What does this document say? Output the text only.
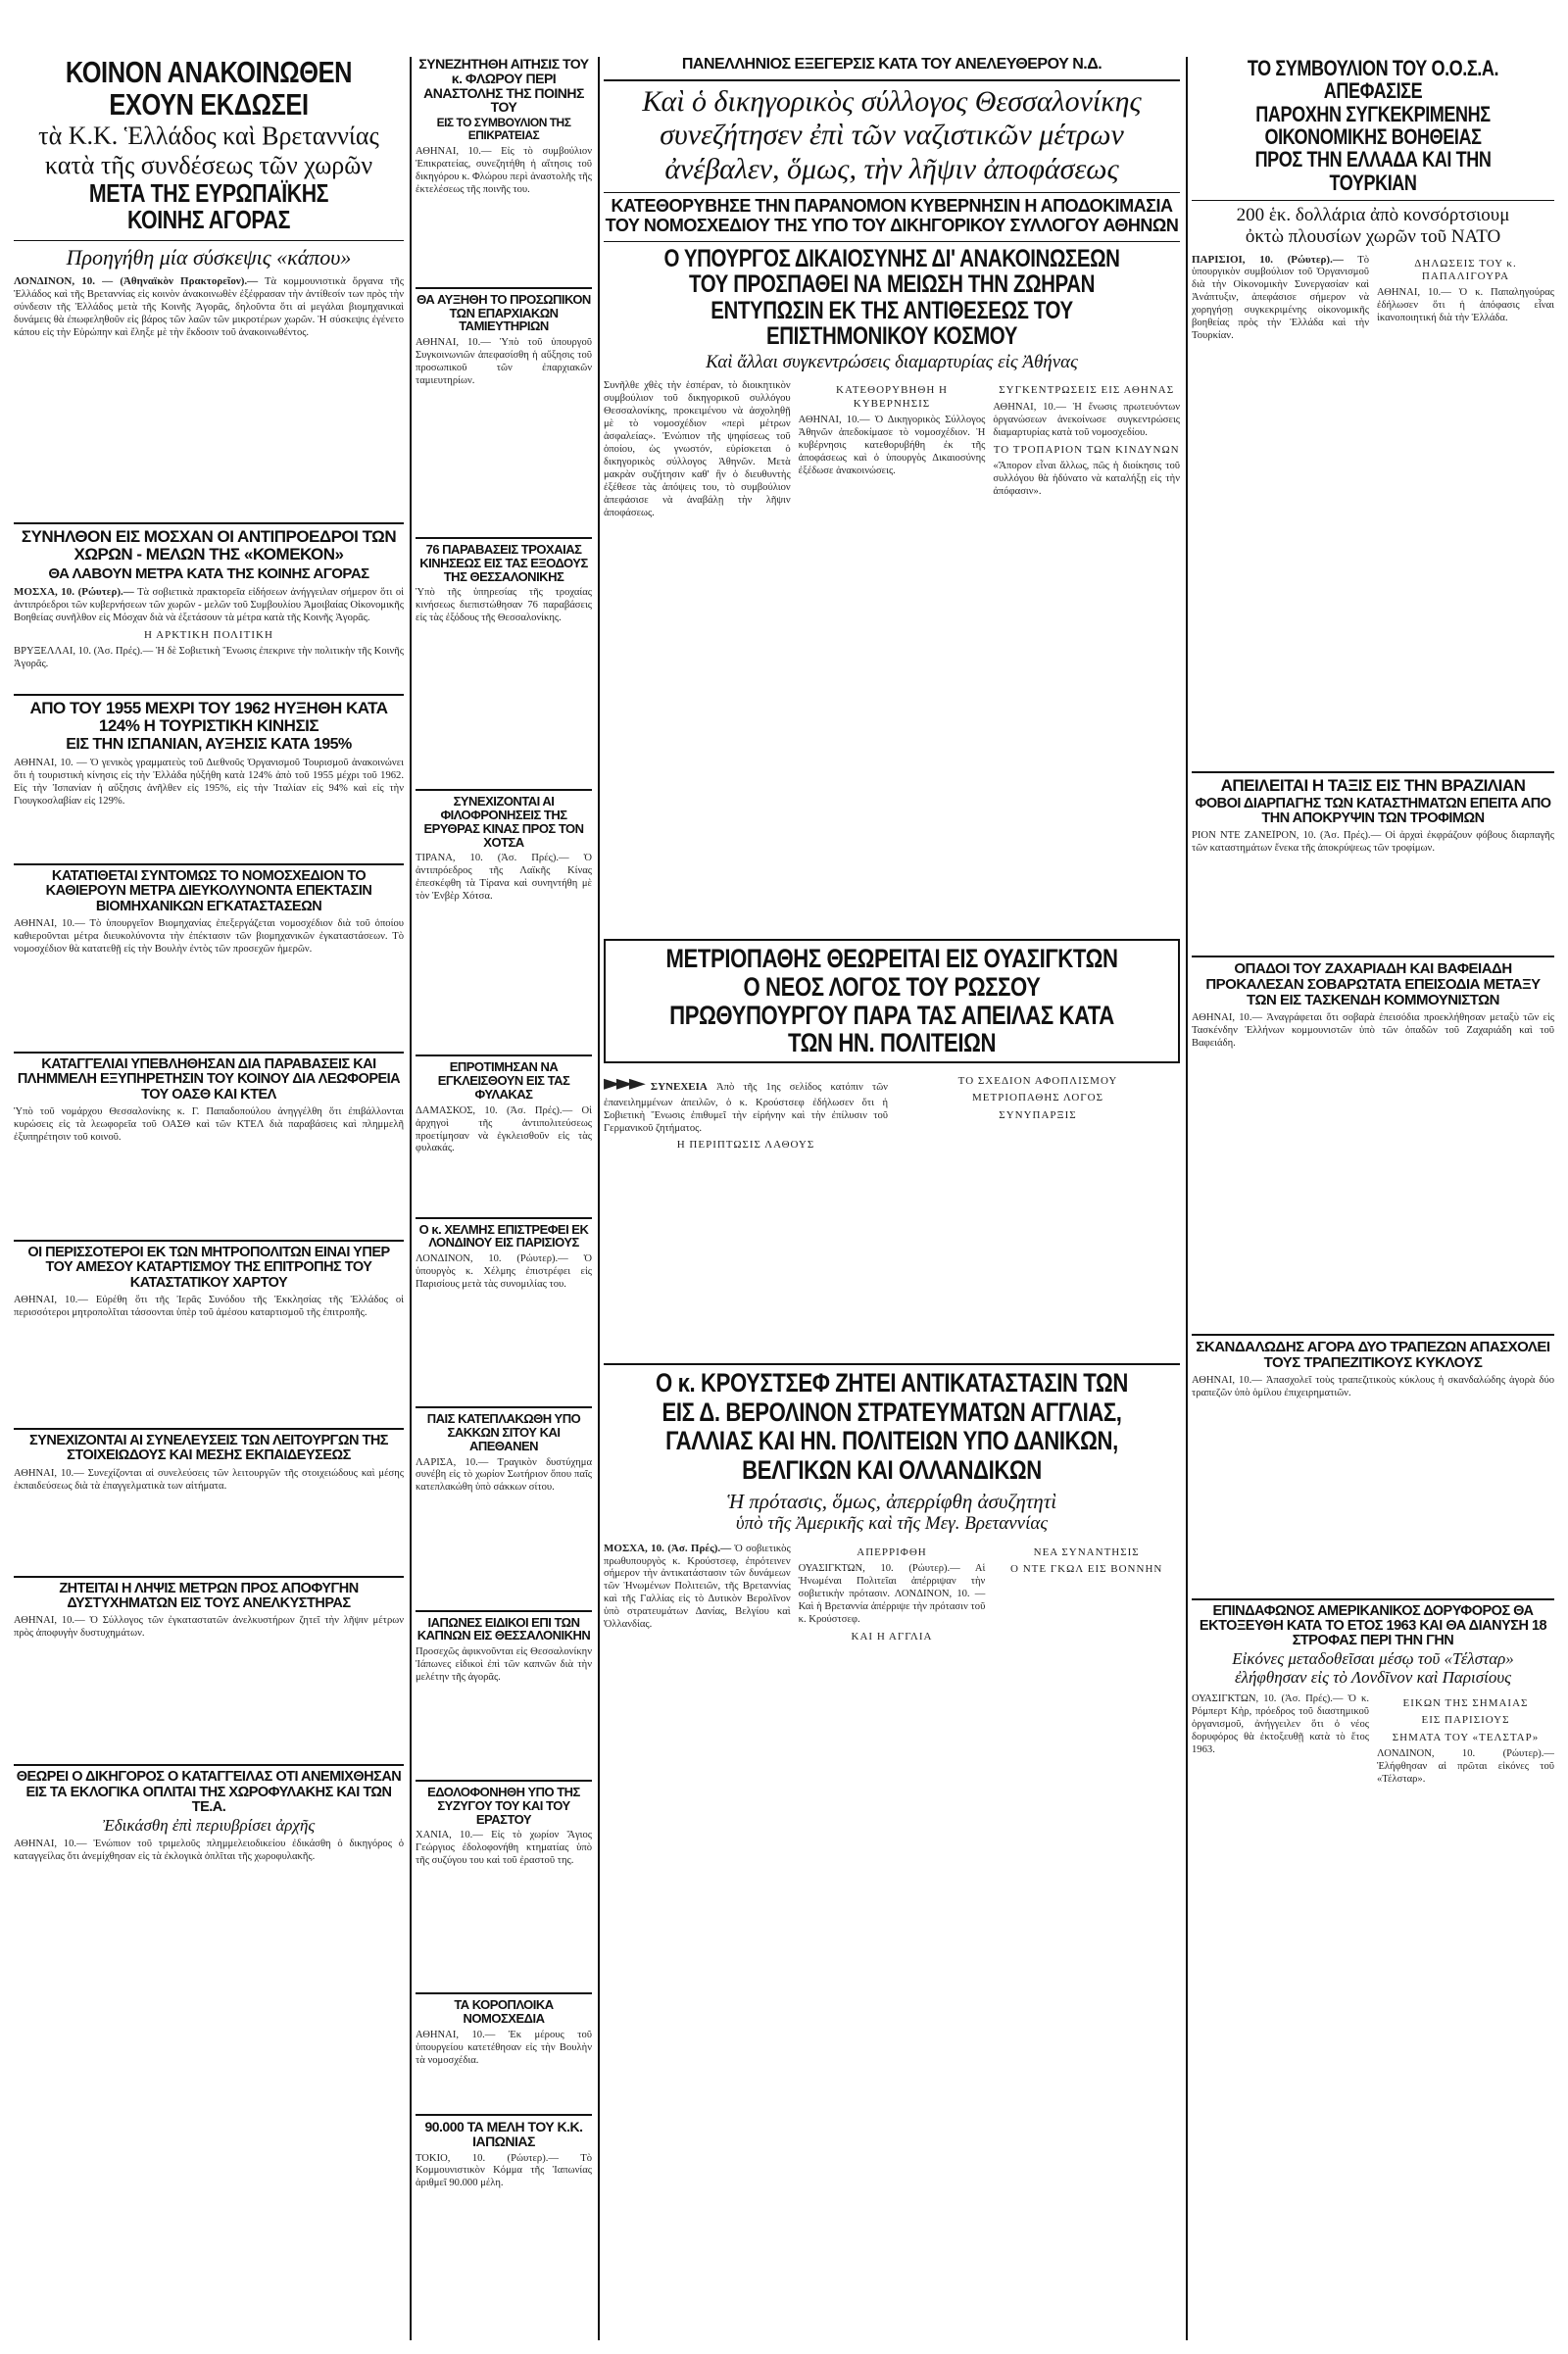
ΚΟΙΝΟΝ ΑΝΑΚΟΙΝΩΘΕΝ ΕΧΟΥΝ ΕΚΔΩΣΕΙ
τὰ Κ.Κ. Ἑλλάδος καὶ Βρεταννίας
κατὰ τῆς συνδέσεως τῶν χωρῶν
ΜΕΤΑ ΤΗΣ ΕΥΡΩΠΑΪΚΗΣ ΚΟΙΝΗΣ ΑΓΟΡΑΣ
Προηγήθη μία σύσκεψις «κάπου»
ΛΟΝΔΙΝΟΝ, 10. — (Ἀθηναϊκὸν Πρακτορεῖον).— Τὰ κομμουνιστικὰ ὄργανα τῆς Ἑλλάδος καὶ τῆς Βρεταννίας εἰς κοινὸν ἀνακοινωθὲν ἐξέφρασαν τὴν ἀντίθεσίν των πρὸς τὴν σύνδεσιν τῆς Ἑλλάδος μετὰ τῆς Κοινῆς Ἀγορᾶς, δηλοῦντα ὅτι αἱ μεγάλαι βιομηχανικαὶ δυνάμεις θὰ ἐπωφεληθοῦν εἰς βάρος τῶν λαῶν τῶν μικροτέρων χωρῶν. Ἡ σύσκεψις ἐγένετο κάπου εἰς τὴν Εὐρώπην καὶ ἔληξε μὲ τὴν ἔκδοσιν τοῦ ἀνακοινωθέντος.
ΣΥΝΗΛΘΟΝ ΕΙΣ ΜΟΣΧΑΝ ΟΙ ΑΝΤΙΠΡΟΕΔΡΟΙ ΤΩΝ ΧΩΡΩΝ - ΜΕΛΩΝ ΤΗΣ «ΚΟΜΕΚΟΝ»
ΘΑ ΛΑΒΟΥΝ ΜΕΤΡΑ ΚΑΤΑ ΤΗΣ ΚΟΙΝΗΣ ΑΓΟΡΑΣ
ΜΟΣΧΑ, 10. (Ρώυτερ).— Τὰ σοβιετικὰ πρακτορεῖα εἰδήσεων ἀνήγγειλαν σήμερον ὅτι οἱ ἀντιπρόεδροι τῶν κυβερνήσεων τῶν χωρῶν - μελῶν τοῦ Συμβουλίου Ἀμοιβαίας Οἰκονομικῆς Βοηθείας συνῆλθον εἰς Μόσχαν διὰ νὰ ἐξετάσουν τὰ μέτρα κατὰ τῆς Κοινῆς Ἀγορᾶς.
Η ΑΡΚΤΙΚΗ ΠΟΛΙΤΙΚΗ
ΒΡΥΞΕΛΛΑΙ, 10. (Ἀσ. Πρές).— Ἡ δὲ Σοβιετικὴ Ἕνωσις ἐπεκρινε τὴν πολιτικὴν τῆς Κοινῆς Ἀγορᾶς.
ΑΠΟ ΤΟΥ 1955 ΜΕΧΡΙ ΤΟΥ 1962 ΗΥΞΗΘΗ ΚΑΤΑ 124% Η ΤΟΥΡΙΣΤΙΚΗ ΚΙΝΗΣΙΣ
ΕΙΣ ΤΗΝ ΙΣΠΑΝΙΑΝ, ΑΥΞΗΣΙΣ ΚΑΤΑ 195%
ΑΘΗΝΑΙ, 10. — Ὁ γενικὸς γραμματεὺς τοῦ Διεθνοῦς Ὀργανισμοῦ Τουρισμοῦ ἀνακοινώνει ὅτι ἡ τουριστικὴ κίνησις εἰς τὴν Ἑλλάδα ηὐξήθη κατὰ 124% ἀπὸ τοῦ 1955 μέχρι τοῦ 1962. Εἰς τὴν Ἰσπανίαν ἡ αὔξησις ἀνῆλθεν εἰς 195%, εἰς τὴν Ἰταλίαν εἰς 94% καὶ εἰς τὴν Γιουγκοσλαβίαν εἰς 129%.
ΚΑΤΑΤΙΘΕΤΑΙ ΣΥΝΤΟΜΩΣ ΤΟ ΝΟΜΟΣΧΕΔΙΟΝ ΤΟ ΚΑΘΙΕΡΟΥΝ ΜΕΤΡΑ ΔΙΕΥΚΟΛΥΝΟΝΤΑ ΕΠΕΚΤΑΣΙΝ ΒΙΟΜΗΧΑΝΙΚΩΝ ΕΓΚΑΤΑΣΤΑΣΕΩΝ
ΑΘΗΝΑΙ, 10.— Τὸ ὑπουργεῖον Βιομηχανίας ἐπεξεργάζεται νομοσχέδιον διὰ τοῦ ὁποίου καθιεροῦνται μέτρα διευκολύνοντα τὴν ἐπέκτασιν τῶν βιομηχανικῶν ἐγκαταστάσεων. Τὸ νομοσχέδιον θὰ κατατεθῇ εἰς τὴν Βουλὴν ἐντὸς τῶν προσεχῶν ἡμερῶν.
ΚΑΤΑΓΓΕΛΙΑΙ ΥΠΕΒΛΗΘΗΣΑΝ ΔΙΑ ΠΑΡΑΒΑΣΕΙΣ ΚΑΙ ΠΛΗΜΜΕΛΗ ΕΞΥΠΗΡΕΤΗΣΙΝ ΤΟΥ ΚΟΙΝΟΥ ΔΙΑ ΛΕΩΦΟΡΕΙΑ ΤΟΥ ΟΑΣΘ ΚΑΙ ΚΤΕΛ
Ὑπὸ τοῦ νομάρχου Θεσσαλονίκης κ. Γ. Παπαδοπούλου ἀνηγγέλθη ὅτι ἐπιβάλλονται κυρώσεις εἰς τὰ λεωφορεῖα τοῦ ΟΑΣΘ καὶ τῶν ΚΤΕΛ διὰ παραβάσεις καὶ πλημμελῆ ἐξυπηρέτησιν τοῦ κοινοῦ.
ΟΙ ΠΕΡΙΣΣΟΤΕΡΟΙ ΕΚ ΤΩΝ ΜΗΤΡΟΠΟΛΙΤΩΝ ΕΙΝΑΙ ΥΠΕΡ ΤΟΥ ΑΜΕΣΟΥ ΚΑΤΑΡΤΙΣΜΟΥ ΤΗΣ ΕΠΙΤΡΟΠΗΣ ΤΟΥ ΚΑΤΑΣΤΑΤΙΚΟΥ ΧΑΡΤΟΥ
ΑΘΗΝΑΙ, 10.— Εὐρέθη ὅτι τῆς Ἱερᾶς Συνόδου τῆς Ἐκκλησίας τῆς Ἑλλάδος οἱ περισσότεροι μητροπολῖται τάσσονται ὑπὲρ τοῦ ἀμέσου καταρτισμοῦ τῆς ἐπιτροπῆς.
ΣΥΝΕΧΙΖΟΝΤΑΙ ΑΙ ΣΥΝΕΛΕΥΣΕΙΣ ΤΩΝ ΛΕΙΤΟΥΡΓΩΝ ΤΗΣ ΣΤΟΙΧΕΙΩΔΟΥΣ ΚΑΙ ΜΕΣΗΣ ΕΚΠΑΙΔΕΥΣΕΩΣ
ΑΘΗΝΑΙ, 10.— Συνεχίζονται αἱ συνελεύσεις τῶν λειτουργῶν τῆς στοιχειώδους καὶ μέσης ἐκπαιδεύσεως διὰ τὰ ἐπαγγελματικὰ των αἰτήματα.
ΖΗΤΕΙΤΑΙ Η ΛΗΨΙΣ ΜΕΤΡΩΝ ΠΡΟΣ ΑΠΟΦΥΓΗΝ ΔΥΣΤΥΧΗΜΑΤΩΝ ΕΙΣ ΤΟΥΣ ΑΝΕΛΚΥΣΤΗΡΑΣ
ΑΘΗΝΑΙ, 10.— Ὁ Σύλλογος τῶν ἐγκαταστατῶν ἀνελκυστήρων ζητεῖ τὴν λῆψιν μέτρων πρὸς ἀποφυγὴν δυστυχημάτων.
ΘΕΩΡΕΙ Ο ΔΙΚΗΓΟΡΟΣ Ο ΚΑΤΑΓΓΕΙΛΑΣ ΟΤΙ ΑΝΕΜΙΧΘΗΣΑΝ ΕΙΣ ΤΑ ΕΚΛΟΓΙΚΑ ΟΠΛΙΤΑΙ ΤΗΣ ΧΩΡΟΦΥΛΑΚΗΣ ΚΑΙ ΤΩΝ ΤΕ.Α.
Ἐδικάσθη ἐπὶ περιυβρίσει ἀρχῆς
ΑΘΗΝΑΙ, 10.— Ἐνώπιον τοῦ τριμελοῦς πλημμελειοδικείου ἐδικάσθη ὁ δικηγόρος ὁ καταγγείλας ὅτι ἀνεμίχθησαν εἰς τὰ ἐκλογικὰ ὁπλῖται τῆς χωροφυλακῆς.
ΣΥΝΕΖΗΤΗΘΗ ΑΙΤΗΣΙΣ ΤΟΥ κ. ΦΛΩΡΟΥ ΠΕΡΙ ΑΝΑΣΤΟΛΗΣ ΤΗΣ ΠΟΙΝΗΣ ΤΟΥ
ΕΙΣ ΤΟ ΣΥΜΒΟΥΛΙΟΝ ΤΗΣ ΕΠΙΚΡΑΤΕΙΑΣ
ΑΘΗΝΑΙ, 10.— Εἰς τὸ συμβούλιον Ἐπικρατείας, συνεζητήθη ἡ αἴτησις τοῦ δικηγόρου κ. Φλώρου περὶ ἀναστολῆς τῆς ἐκτελέσεως τῆς ποινῆς του.
ΘΑ ΑΥΞΗΘΗ ΤΟ ΠΡΟΣΩΠΙΚΟΝ ΤΩΝ ΕΠΑΡΧΙΑΚΩΝ ΤΑΜΙΕΥΤΗΡΙΩΝ
ΑΘΗΝΑΙ, 10.— Ὑπὸ τοῦ ὑπουργοῦ Συγκοινωνιῶν ἀπεφασίσθη ἡ αὔξησις τοῦ προσωπικοῦ τῶν ἐπαρχιακῶν ταμιευτηρίων.
76 ΠΑΡΑΒΑΣΕΙΣ ΤΡΟΧΑΙΑΣ ΚΙΝΗΣΕΩΣ ΕΙΣ ΤΑΣ ΕΞΟΔΟΥΣ ΤΗΣ ΘΕΣΣΑΛΟΝΙΚΗΣ
Ὑπὸ τῆς ὑπηρεσίας τῆς τροχαίας κινήσεως διεπιστώθησαν 76 παραβάσεις εἰς τὰς ἐξόδους τῆς Θεσσαλονίκης.
ΣΥΝΕΧΙΖΟΝΤΑΙ ΑΙ ΦΙΛΟΦΡΟΝΗΣΕΙΣ ΤΗΣ ΕΡΥΘΡΑΣ ΚΙΝΑΣ ΠΡΟΣ ΤΟΝ ΧΟΤΣΑ
ΤΙΡΑΝΑ, 10. (Ἀσ. Πρές).— Ὁ ἀντιπρόεδρος τῆς Λαϊκῆς Κίνας ἐπεσκέφθη τὰ Τίρανα καὶ συνηντήθη μὲ τὸν Ἐνβὲρ Χότσα.
ΕΠΡΟΤΙΜΗΣΑΝ ΝΑ ΕΓΚΛΕΙΣΘΟΥΝ ΕΙΣ ΤΑΣ ΦΥΛΑΚΑΣ
ΔΑΜΑΣΚΟΣ, 10. (Ἀσ. Πρές).— Οἱ ἀρχηγοὶ τῆς ἀντιπολιτεύσεως προετίμησαν νὰ ἐγκλεισθοῦν εἰς τὰς φυλακάς.
Ο κ. ΧΕΛΜΗΣ ΕΠΙΣΤΡΕΦΕΙ ΕΚ ΛΟΝΔΙΝΟΥ ΕΙΣ ΠΑΡΙΣΙΟΥΣ
ΛΟΝΔΙΝΟΝ, 10. (Ρώυτερ).— Ὁ ὑπουργὸς κ. Χέλμης ἐπιστρέφει εἰς Παρισίους μετὰ τὰς συνομιλίας του.
ΠΑΙΣ ΚΑΤΕΠΛΑΚΩΘΗ ΥΠΟ ΣΑΚΚΩΝ ΣΙΤΟΥ ΚΑΙ ΑΠΕΘΑΝΕΝ
ΛΑΡΙΣΑ, 10.— Τραγικὸν δυστύχημα συνέβη εἰς τὸ χωρίον Σωτήριον ὅπου παῖς κατεπλακώθη ὑπὸ σάκκων σίτου.
ΙΑΠΩΝΕΣ ΕΙΔΙΚΟΙ ΕΠΙ ΤΩΝ ΚΑΠΝΩΝ ΕΙΣ ΘΕΣΣΑΛΟΝΙΚΗΝ
Προσεχῶς ἀφικνοῦνται εἰς Θεσσαλονίκην Ἰάπωνες εἰδικοὶ ἐπὶ τῶν καπνῶν διὰ τὴν μελέτην τῆς ἀγορᾶς.
ΕΔΟΛΟΦΟΝΗΘΗ ΥΠΟ ΤΗΣ ΣΥΖΥΓΟΥ ΤΟΥ ΚΑΙ ΤΟΥ ΕΡΑΣΤΟΥ
ΧΑΝΙΑ, 10.— Εἰς τὸ χωρίον Ἅγιος Γεώργιος ἐδολοφονήθη κτηματίας ὑπὸ τῆς συζύγου του καὶ τοῦ ἐραστοῦ της.
ΤΑ ΚΟΡΟΠΛΟΙΚΑ ΝΟΜΟΣΧΕΔΙΑ
ΑΘΗΝΑΙ, 10.— Ἐκ μέρους τοῦ ὑπουργείου κατετέθησαν εἰς τὴν Βουλὴν τὰ νομοσχέδια.
90.000 ΤΑ ΜΕΛΗ ΤΟΥ Κ.Κ. ΙΑΠΩΝΙΑΣ
ΤΟΚΙΟ, 10. (Ρώυτερ).— Τὸ Κομμουνιστικὸν Κόμμα τῆς Ἰαπωνίας ἀριθμεῖ 90.000 μέλη.
ΠΑΝΕΛΛΗΝΙΟΣ ΕΞΕΓΕΡΣΙΣ ΚΑΤΑ ΤΟΥ ΑΝΕΛΕΥΘΕΡΟΥ Ν.Δ.
Καὶ ὁ δικηγορικὸς σύλλογος Θεσσαλονίκης
συνεζήτησεν ἐπὶ τῶν ναζιστικῶν μέτρων
ἀνέβαλεν, ὅμως, τὴν λῆψιν ἀποφάσεως
ΚΑΤΕΘΟΡΥΒΗΣΕ ΤΗΝ ΠΑΡΑΝΟΜΟΝ ΚΥΒΕΡΝΗΣΙΝ Η ΑΠΟΔΟΚΙΜΑΣΙΑ ΤΟΥ ΝΟΜΟΣΧΕΔΙΟΥ ΤΗΣ ΥΠΟ ΤΟΥ ΔΙΚΗΓΟΡΙΚΟΥ ΣΥΛΛΟΓΟΥ ΑΘΗΝΩΝ
Ο ΥΠΟΥΡΓΟΣ ΔΙΚΑΙΟΣΥΝΗΣ ΔΙ' ΑΝΑΚΟΙΝΩΣΕΩΝ ΤΟΥ ΠΡΟΣΠΑΘΕΙ ΝΑ ΜΕΙΩΣΗ ΤΗΝ ΖΩΗΡΑΝ ΕΝΤΥΠΩΣΙΝ ΕΚ ΤΗΣ ΑΝΤΙΘΕΣΕΩΣ ΤΟΥ ΕΠΙΣΤΗΜΟΝΙΚΟΥ ΚΟΣΜΟΥ
Καὶ ἄλλαι συγκεντρώσεις διαμαρτυρίας εἰς Ἀθήνας
Συνῆλθε χθὲς τὴν ἑσπέραν, τὸ διοικητικὸν συμβούλιον τοῦ δικηγορικοῦ συλλόγου Θεσσαλονίκης, προκειμένου νὰ ἀσχοληθῇ μὲ τὸ νομοσχέδιον «περὶ μέτρων ἀσφαλείας». Ἐνώπιον τῆς ψηφίσεως τοῦ ὁποίου, ὡς γνωστόν, εὑρίσκεται ὁ δικηγορικὸς σύλλογος Ἀθηνῶν. Μετὰ μακρὰν συζήτησιν καθ' ἣν ὁ διευθυντὴς ἐξέθεσε τὰς ἀπόψεις του, τὸ συμβούλιον ἀπεφάσισε νὰ ἀναβάλῃ τὴν λῆψιν ἀποφάσεως.
ΚΑΤΕΘΟΡΥΒΗΘΗ Η ΚΥΒΕΡΝΗΣΙΣ
ΑΘΗΝΑΙ, 10.— Ὁ Δικηγορικὸς Σύλλογος Ἀθηνῶν ἀπεδοκίμασε τὸ νομοσχέδιον. Ἡ κυβέρνησις κατεθορυβήθη ἐκ τῆς ἀποφάσεως καὶ ὁ ὑπουργὸς Δικαιοσύνης ἐξέδωσε ἀνακοινώσεις.
ΣΥΓΚΕΝΤΡΩΣΕΙΣ ΕΙΣ ΑΘΗΝΑΣ
ΑΘΗΝΑΙ, 10.— Ἡ ἕνωσις πρωτευόντων ὁργανώσεων ἀνεκοίνωσε συγκεντρώσεις διαμαρτυρίας κατὰ τοῦ νομοσχεδίου.
ΤΟ ΤΡΟΠΑΡΙΟΝ ΤΩΝ ΚΙΝΔΥΝΩΝ
«Ἄπορον εἶναι ἄλλως, πῶς ἡ διοίκησις τοῦ συλλόγου θὰ ἠδύνατο νὰ καταλήξῃ εἰς τὴν ἀπόφασιν».
ΜΕΤΡΙΟΠΑΘΗΣ ΘΕΩΡΕΙΤΑΙ ΕΙΣ ΟΥΑΣΙΓΚΤΩΝ Ο ΝΕΟΣ ΛΟΓΟΣ ΤΟΥ ΡΩΣΣΟΥ ΠΡΩΘΥΠΟΥΡΓΟΥ ΠΑΡΑ ΤΑΣ ΑΠΕΙΛΑΣ ΚΑΤΑ ΤΩΝ ΗΝ. ΠΟΛΙΤΕΙΩΝ
►►► ΣΥΝΕΧΕΙΑ Ἀπὸ τῆς 1ης σελίδος κατόπιν τῶν ἐπανειλημμένων ἀπειλῶν, ὁ κ. Κρούστσεφ ἐδήλωσεν ὅτι ἡ Σοβιετικὴ Ἕνωσις ἐπιθυμεῖ τὴν εἰρήνην καὶ τὴν ἐπίλυσιν τοῦ Γερμανικοῦ ζητήματος.
Η ΠΕΡΙΠΤΩΣΙΣ ΛΑΘΟΥΣ
ΤΟ ΣΧΕΔΙΟΝ ΑΦΟΠΛΙΣΜΟΥ
ΜΕΤΡΙΟΠΑΘΗΣ ΛΟΓΟΣ
ΣΥΝΥΠΑΡΞΙΣ
Ο κ. ΚΡΟΥΣΤΣΕΦ ΖΗΤΕΙ ΑΝΤΙΚΑΤΑΣΤΑΣΙΝ ΤΩΝ ΕΙΣ Δ. ΒΕΡΟΛΙΝΟΝ ΣΤΡΑΤΕΥΜΑΤΩΝ ΑΓΓΛΙΑΣ, ΓΑΛΛΙΑΣ ΚΑΙ ΗΝ. ΠΟΛΙΤΕΙΩΝ ΥΠΟ ΔΑΝΙΚΩΝ, ΒΕΛΓΙΚΩΝ ΚΑΙ ΟΛΛΑΝΔΙΚΩΝ
Ἡ πρότασις, ὅμως, ἀπερρίφθη ἀσυζητητὶ
ὑπὸ τῆς Ἀμερικῆς καὶ τῆς Μεγ. Βρεταννίας
ΜΟΣΧΑ, 10. (Ἀσ. Πρές).— Ὁ σοβιετικὸς πρωθυπουργὸς κ. Κρούστσεφ, ἐπρότεινεν σήμερον τὴν ἀντικατάστασιν τῶν δυνάμεων τῶν Ἡνωμένων Πολιτειῶν, τῆς Βρεταννίας καὶ τῆς Γαλλίας εἰς τὸ Δυτικὸν Βερολῖνον ὑπὸ στρατευμάτων Δανίας, Βελγίου καὶ Ὀλλανδίας.
ΑΠΕΡΡΙΦΘΗ
ΟΥΑΣΙΓΚΤΩΝ, 10. (Ρώυτερ).— Αἱ Ἡνωμέναι Πολιτεῖαι ἀπέρριψαν τὴν σοβιετικὴν πρότασιν. ΛΟΝΔΙΝΟΝ, 10. — Καὶ ἡ Βρεταννία ἀπέρριψε τὴν πρότασιν τοῦ κ. Κρούστσεφ.
ΚΑΙ Η ΑΓΓΛΙΑ
ΝΕΑ ΣΥΝΑΝΤΗΣΙΣ
Ο ΝΤΕ ΓΚΩΛ ΕΙΣ ΒΟΝΝΗΝ
ΤΟ ΣΥΜΒΟΥΛΙΟΝ ΤΟΥ Ο.Ο.Σ.Α. ΑΠΕΦΑΣΙΣΕ
ΠΑΡΟΧΗΝ ΣΥΓΚΕΚΡΙΜΕΝΗΣ
ΟΙΚΟΝΟΜΙΚΗΣ ΒΟΗΘΕΙΑΣ
ΠΡΟΣ ΤΗΝ ΕΛΛΑΔΑ ΚΑΙ ΤΗΝ ΤΟΥΡΚΙΑΝ
200 ἑκ. δολλάρια ἀπὸ κονσόρτσιουμ
ὀκτὼ πλουσίων χωρῶν τοῦ ΝΑΤΟ
ΠΑΡΙΣΙΟΙ, 10. (Ρώυτερ).— Τὸ ὑπουργικὸν συμβούλιον τοῦ Ὀργανισμοῦ διὰ τὴν Οἰκονομικὴν Συνεργασίαν καὶ Ἀνάπτυξιν, ἀπεφάσισε σήμερον νὰ χορηγήσῃ συγκεκριμένης οἰκονομικῆς βοηθείας πρὸς τὴν Ἑλλάδα καὶ τὴν Τουρκίαν.
ΔΗΛΩΣΕΙΣ ΤΟΥ κ. ΠΑΠΑΛΙΓΟΥΡΑ
ΑΘΗΝΑΙ, 10.— Ὁ κ. Παπαληγούρας ἐδήλωσεν ὅτι ἡ ἀπόφασις εἶναι ἱκανοποιητική διὰ τὴν Ἑλλάδα.
ΑΠΕΙΛΕΙΤΑΙ Η ΤΑΞΙΣ ΕΙΣ ΤΗΝ ΒΡΑΖΙΛΙΑΝ
ΦΟΒΟΙ ΔΙΑΡΠΑΓΗΣ ΤΩΝ ΚΑΤΑΣΤΗΜΑΤΩΝ ΕΠΕΙΤΑ ΑΠΟ ΤΗΝ ΑΠΟΚΡΥΨΙΝ ΤΩΝ ΤΡΟΦΙΜΩΝ
ΡΙΟΝ ΝΤΕ ΖΑΝΕΪΡΟΝ, 10. (Ἀσ. Πρές).— Οἱ ἀρχαὶ ἐκφράζουν φόβους διαρπαγῆς τῶν καταστημάτων ἕνεκα τῆς ἀποκρύψεως τῶν τροφίμων.
ΟΠΑΔΟΙ ΤΟΥ ΖΑΧΑΡΙΑΔΗ ΚΑΙ ΒΑΦΕΙΑΔΗ ΠΡΟΚΑΛΕΣΑΝ ΣΟΒΑΡΩΤΑΤΑ ΕΠΕΙΣΟΔΙΑ ΜΕΤΑΞΥ ΤΩΝ ΕΙΣ ΤΑΣΚΕΝΔΗ ΚΟΜΜΟΥΝΙΣΤΩΝ
ΑΘΗΝΑΙ, 10.— Ἀναγράφεται ὅτι σοβαρὰ ἐπεισόδια προεκλήθησαν μεταξὺ τῶν εἰς Τασκένδην Ἑλλήνων κομμουνιστῶν ὑπὸ τῶν ὀπαδῶν τοῦ Ζαχαριάδη καὶ τοῦ Βαφειάδη.
ΣΚΑΝΔΑΛΩΔΗΣ ΑΓΟΡΑ ΔΥΟ ΤΡΑΠΕΖΩΝ ΑΠΑΣΧΟΛΕΙ ΤΟΥΣ ΤΡΑΠΕΖΙΤΙΚΟΥΣ ΚΥΚΛΟΥΣ
ΑΘΗΝΑΙ, 10.— Ἀπασχολεῖ τοὺς τραπεζιτικοὺς κύκλους ἡ σκανδαλώδης ἀγορὰ δύο τραπεζῶν ὑπὸ ὁμίλου ἐπιχειρηματιῶν.
ΕΠΙΝΔΑΦΩΝΟΣ ΑΜΕΡΙΚΑΝΙΚΟΣ ΔΟΡΥΦΟΡΟΣ ΘΑ ΕΚΤΟΞΕΥΘΗ ΚΑΤΑ ΤΟ ΕΤΟΣ 1963 ΚΑΙ ΘΑ ΔΙΑΝΥΣΗ 18 ΣΤΡΟΦΑΣ ΠΕΡΙ ΤΗΝ ΓΗΝ
Εἰκόνες μεταδοθεῖσαι μέσῳ τοῦ «Τέλσταρ»
ἐλήφθησαν εἰς τὸ Λονδῖνον καὶ Παρισίους
ΟΥΑΣΙΓΚΤΩΝ, 10. (Ἀσ. Πρές).— Ὁ κ. Ρόμπερτ Κὴρ, πρόεδρος τοῦ διαστημικοῦ ὀργανισμοῦ, ἀνήγγειλεν ὅτι ὁ νέος δορυφόρος θὰ ἐκτοξευθῇ κατὰ τὸ ἔτος 1963.
ΕΙΚΩΝ ΤΗΣ ΣΗΜΑΙΑΣ
ΕΙΣ ΠΑΡΙΣΙΟΥΣ
ΣΗΜΑΤΑ ΤΟΥ «ΤΕΛΣΤΑΡ»
ΛΟΝΔΙΝΟΝ, 10. (Ρώυτερ).— Ἐλήφθησαν αἱ πρῶται εἰκόνες τοῦ «Τέλσταρ».
